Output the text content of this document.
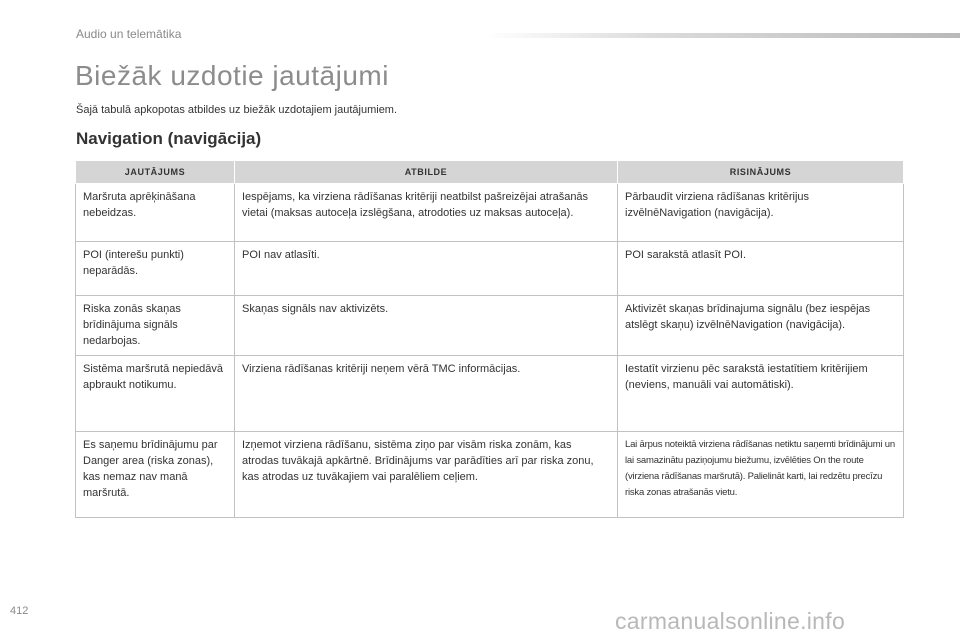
Audio un telemātika
Biežāk uzdotie jautājumi
Šajā tabulā apkopotas atbildes uz biežāk uzdotajiem jautājumiem.
Navigation (navigācija)
JAUTĀJUMS	ATBILDE	RISINĀJUMS
Maršruta aprēķināšana nebeidzas.	Iespējams, ka virziena rādīšanas kritēriji neatbilst pašreizējai atrašanās vietai (maksas autoceļa izslēgšana, atrodoties uz maksas autoceļa).	Pārbaudīt virziena rādīšanas kritērijus izvēlnēNavigation (navigācija).
POI (interešu punkti) neparādās.	POI nav atlasīti.	POI sarakstā atlasīt POI.
Riska zonās skaņas brīdinājuma signāls nedarbojas.	Skaņas signāls nav aktivizēts.	Aktivizēt skaņas brīdinajuma signālu (bez iespējas atslēgt skaņu) izvēlnēNavigation (navigācija).
Sistēma maršrutā nepiedāvā apbraukt notikumu.	Virziena rādīšanas kritēriji neņem vērā TMC informācijas.	Iestatīt virzienu pēc sarakstā iestatītiem kritērijiem (neviens, manuāli vai automātiski).
Es saņemu brīdinājumu par Danger area (riska zonas), kas nemaz nav manā maršrutā.	Izņemot virziena rādīšanu, sistēma ziņo par visām riska zonām, kas atrodas tuvākajā apkārtnē. Brīdinājums var parādīties arī par riska zonu, kas atrodas uz tuvākajiem vai paralēliem ceļiem.	Lai ārpus noteiktā virziena rādīšanas netiktu saņemti brīdinājumi un lai samazinātu paziņojumu biežumu, izvēlēties On the route (virziena rādīšanas maršrutā). Palielināt karti, lai redzētu precīzu riska zonas atrašanās vietu.
412	carmanualsonline.info
